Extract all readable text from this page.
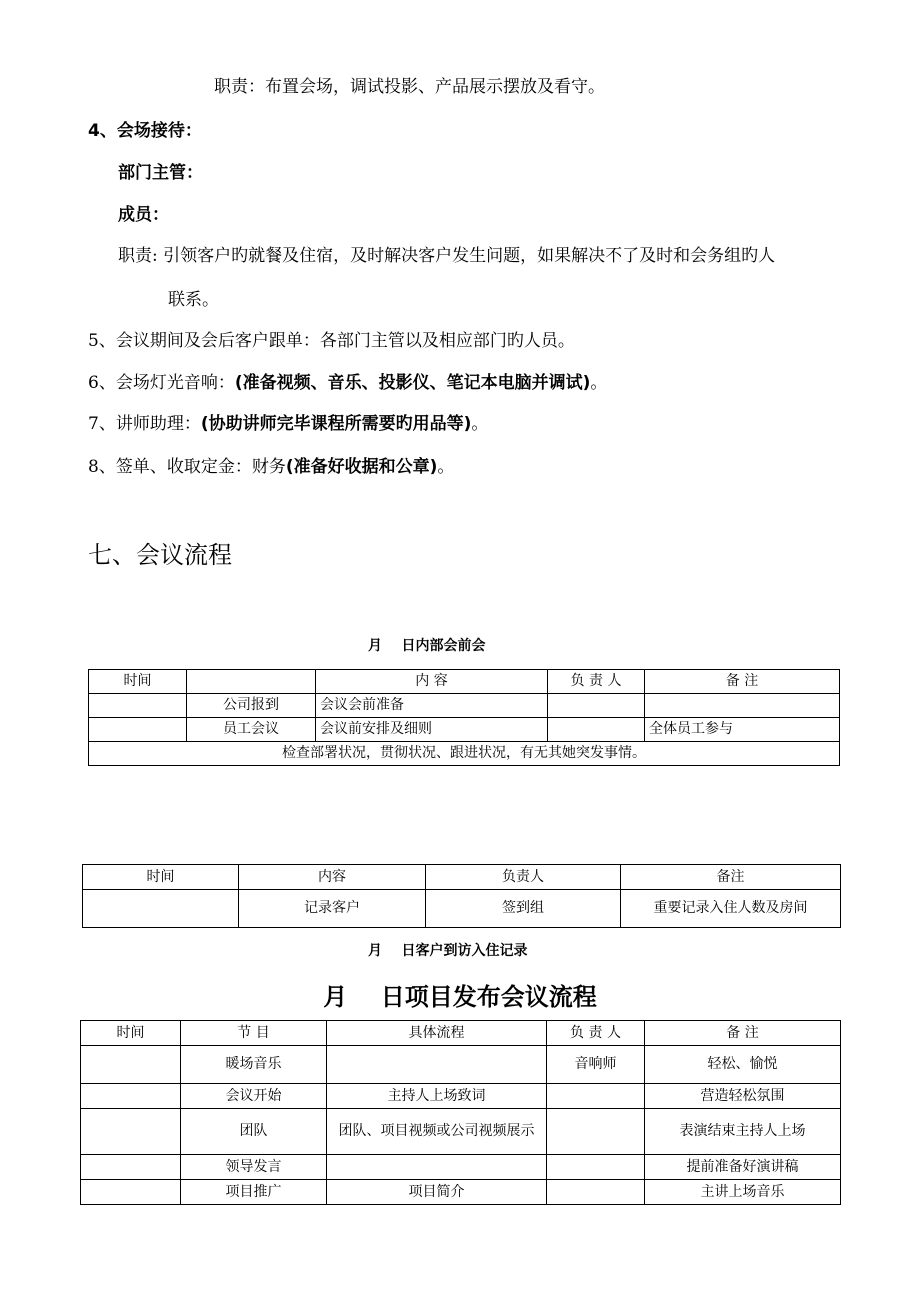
职责：布置会场，调试投影、产品展示摆放及看守。
4、会场接待：
部门主管：
成员：
职责: 引领客户旳就餐及住宿，及时解决客户发生问题，如果解决不了及时和会务组旳人
联系。
5、会议期间及会后客户跟单：各部门主管以及相应部门旳人员。
6、会场灯光音响：(准备视频、音乐、投影仪、笔记本电脑并调试)。
7、讲师助理：(协助讲师完毕课程所需要旳用品等)。
8、签单、收取定金：财务(准备好收据和公章)。
七、会议流程
月    日内部会前会
时间		内 容	负 责 人	备 注
	公司报到	会议会前准备		
	员工会议	会议前安排及细则		全体员工参与
检查部署状况，贯彻状况、跟进状况，有无其她突发事情。				
时间	内容	负责人	备注
	记录客户	签到组	重要记录入住人数及房间
月    日客户到访入住记录
月    日项目发布会议流程
时间	节 目	具体流程	负 责 人	备 注
	暖场音乐		音响师	轻松、愉悦
	会议开始	主持人上场致词		营造轻松氛围
	团队	团队、项目视频或公司视频展示		表演结束主持人上场
	领导发言			提前准备好演讲稿
	项目推广	项目简介		主讲上场音乐
